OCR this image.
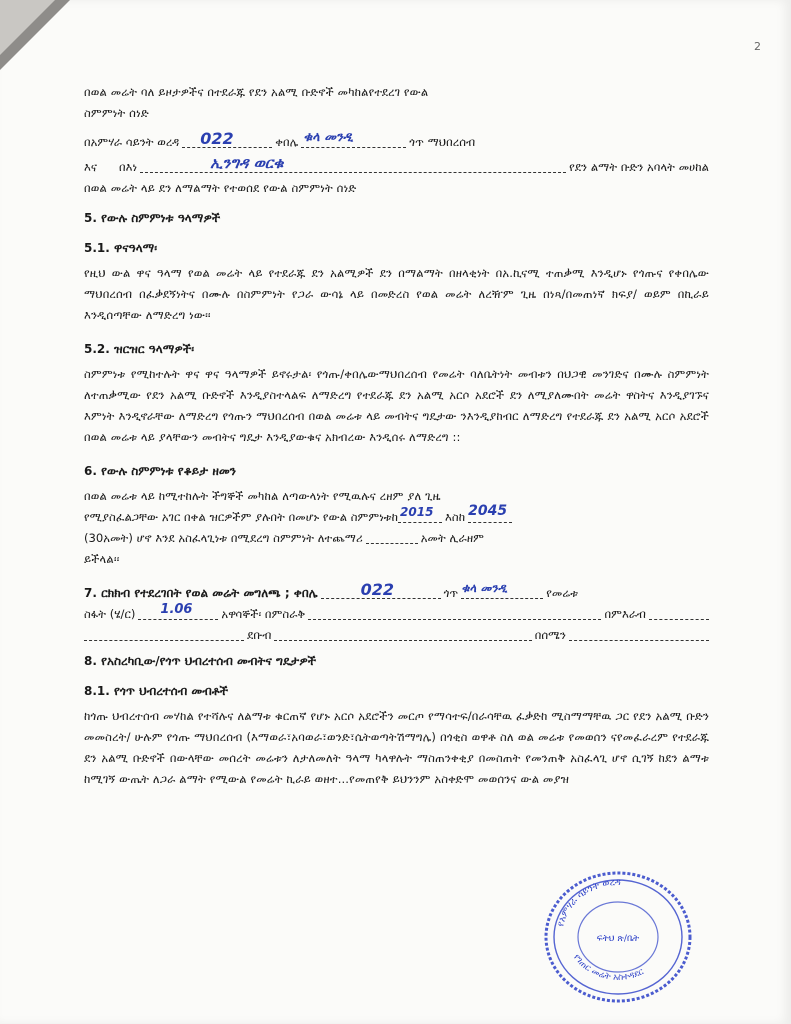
2

በወል መሬት ባለ ይዞታዎችና በተደራጁ የደን አልሚ ቡድኖች መካከልየተደረገ የውል

ስምምነት ሰነድ

በአምሃራ ሳይንት ወረዳ 022	ቀበሌ ቁላ መንዲ	ጎጥ ማህበረሰብ
እና በእነ	ኢንግዳ ወርቁ	የደን ልማት ቡድን አባላት መሀከል

በወል መሬት ላይ ደን ለማልማት የተወሰደ የውል ስምምነት ሰነድ

5. የውሉ ስምምነቱ ዓላማዎች

5.1. ዋናዓላማ፡

የዚህ ውል ዋና ዓላማ የወል መሬት ላይ የተደራጁ ደን አልሚዎች ደን በማልማት በዘላቂነት በአ.ኪናሚ ተጠቃሚ እንዲሆኑ የጎጡና የቀበሌው ማህበረሰብ በፈቃደኝነትና በሙሉ በስምምነት የጋራ ውሳኔ ላይ በመድረስ የወል መሬት ለረዥም ጊዜ በነጻ/በመጠነኛ ክፍያ/ ወይም በኪራይ እንዲሰጣቸው ለማድረግ ነው፡፡

5.2. ዝርዝር ዓላማዎች፡

ስምምነቱ የሚከተሉት ዋና ዋና ዓላማዎች ይኖሩታል፡ የጎጡ/ቀበሌውማህበረሰብ የመሬት ባለቤትነት መብቱን በህጋዊ መንገድና በሙሉ ስምምነት ለተጠቃሚው የደን አልሚ ቡድኖች እንዲያስተላልፍ ለማድረግ የተደራጁ ደን አልሚ አርሶ አደሮች ደን ለሚያለሙበት መሬት ዋስትና እንዲያገኙና እምነት እንዲኖራቸው ለማድረግ የጎጡን ማህበረሰብ በወል መሬቱ ላይ መብትና ግዴታው ንእንዲያከብር ለማድረግ የተደራጁ ደን አልሚ አርሶ አደሮች በወል መሬቱ ላይ ያላቸውን መብትና ግዴታ እንዲያውቁና አክብረው እንዲሰሩ ለማድረግ ::

6. የውሉ ስምምነቱ የቆይታ ዘመን

በወል መሬቱ ላይ ከሚተከሉት ችግኞች መካከል ለጣውላነት የሚዉሉና ረዘም ያለ ጊዜ

የሚያስፈልጋቸው አገር በቀል ዝርዎችም ያሉበት በመሆኑ የውል ስምምነቱከ 2015 እስከ 2045
(30አመት) ሆኖ እንደ አስፈላጊነቱ በሚደረግ ስምምነት ለተጨማሪ	አመት ሊራዘም

ይችላል፡፡

7. ርክክብ የተደረገበት የወል መሬት መግለጫ ; ቀበሌ	022	ጎጥ ቁላ መንዲ	የመሬቱ
ስፋት (ሄ/ር) 1.06 አዋሳኞች፡ በምስራቅ	በምእራብ
ደቡብ	በሰሜን

8. የአስረካቢው/የጎጥ ህብረተሰብ መብትና ግዴታዎች

8.1. የጎጥ ህብረተሰብ መብቶች

ከጎጡ ህብረተሰብ መሃከል የተሻሉና ለልማቱ ቁርጠኛ የሆኑ አርሶ አደሮችን መርጦ የማሳተፍ/በራሳቸዉ ፈቃድከ ሚስማማቸዉ ጋር የደን አልሚ ቡድን መመስረት/ ሁሉም የጎጡ ማህበረሰብ (እማወራ፣አባወራ፣ወንድ፣ሴትወጣትሽማግሌ) በጎቂስ ወዋቶ ስለ ወል መሬቱ የመወሰን ናየመፈራረም የተደራጁ ደን አልሚ ቡድኖች በውላቸው መሰረት መሬቱን ለታለመለት ዓላማ ካላዋሉት ማስጠንቀቂያ በመስጠት የመንጠቅ አስፈላጊ ሆኖ ሲገኝ ከደን ልማቱ ከሚገኝ ውጤት ለጋራ ልማት የሚውል የመሬት ኪራይ ወዘተ...የመጠየቅ ይህንንም አስቀድሞ መወሰንና ውል መያዝ

የአምሃራ ሳይንት ወረዳ
የገጠር መሬት አስተዳደር
ፍትህ ጽ/ቤት
